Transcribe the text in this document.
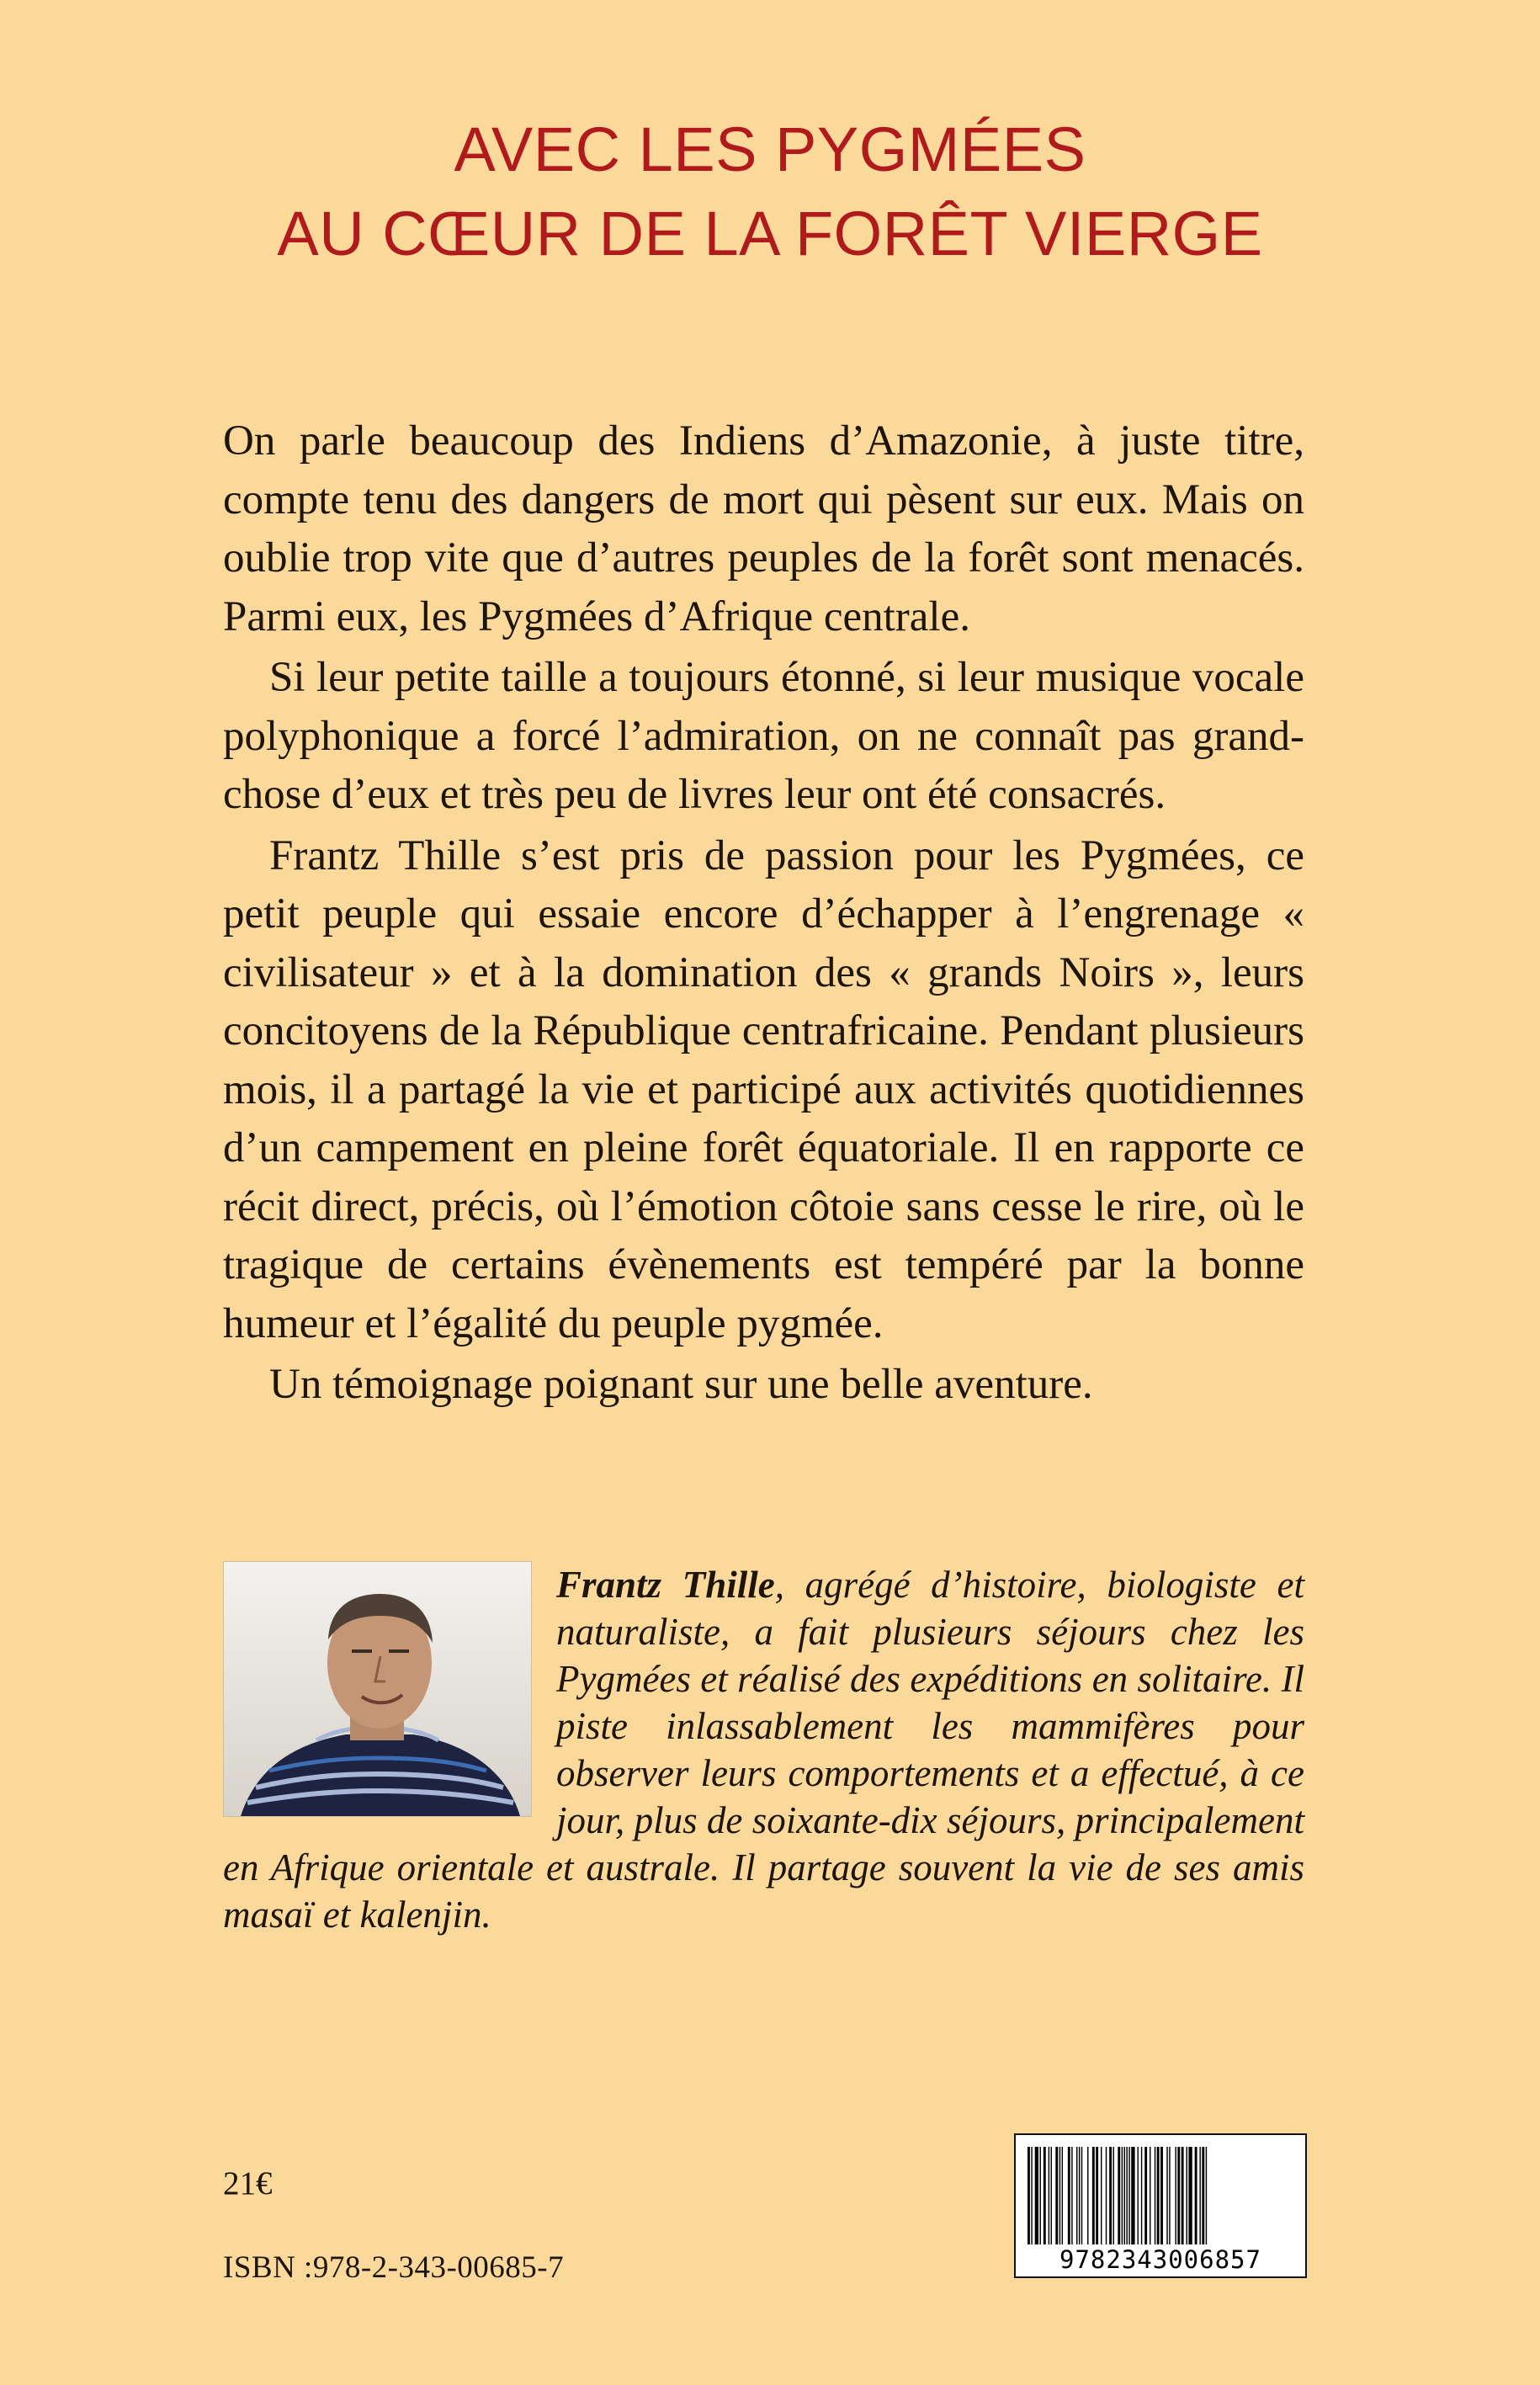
AVEC LES PYGMÉES
AU CŒUR DE LA FORÊT VIERGE

On parle beaucoup des Indiens d’Amazonie, à juste titre, compte tenu des dangers de mort qui pèsent sur eux. Mais on oublie trop vite que d’autres peuples de la forêt sont menacés. Parmi eux, les Pygmées d’Afrique centrale.

Si leur petite taille a toujours étonné, si leur musique vocale polyphonique a forcé l’admiration, on ne connaît pas grand-chose d’eux et très peu de livres leur ont été consacrés.

Frantz Thille s’est pris de passion pour les Pygmées, ce petit peuple qui essaie encore d’échapper à l’engrenage « civilisateur » et à la domination des « grands Noirs », leurs concitoyens de la République centrafricaine. Pendant plusieurs mois, il a partagé la vie et participé aux activités quotidiennes d’un campement en pleine forêt équatoriale. Il en rapporte ce récit direct, précis, où l’émotion côtoie sans cesse le rire, où le tragique de certains évènements est tempéré par la bonne humeur et l’égalité du peuple pygmée.

Un témoignage poignant sur une belle aventure.

Frantz Thille, agrégé d’histoire, biologiste et naturaliste, a fait plusieurs séjours chez les Pygmées et réalisé des expéditions en solitaire. Il piste inlassablement les mammifères pour observer leurs comportements et a effectué, à ce jour, plus de soixante-dix séjours, principalement en Afrique orientale et australe. Il partage souvent la vie de ses amis masaï et kalenjin.
21€
ISBN :978-2-343-00685-7	9782343006857
